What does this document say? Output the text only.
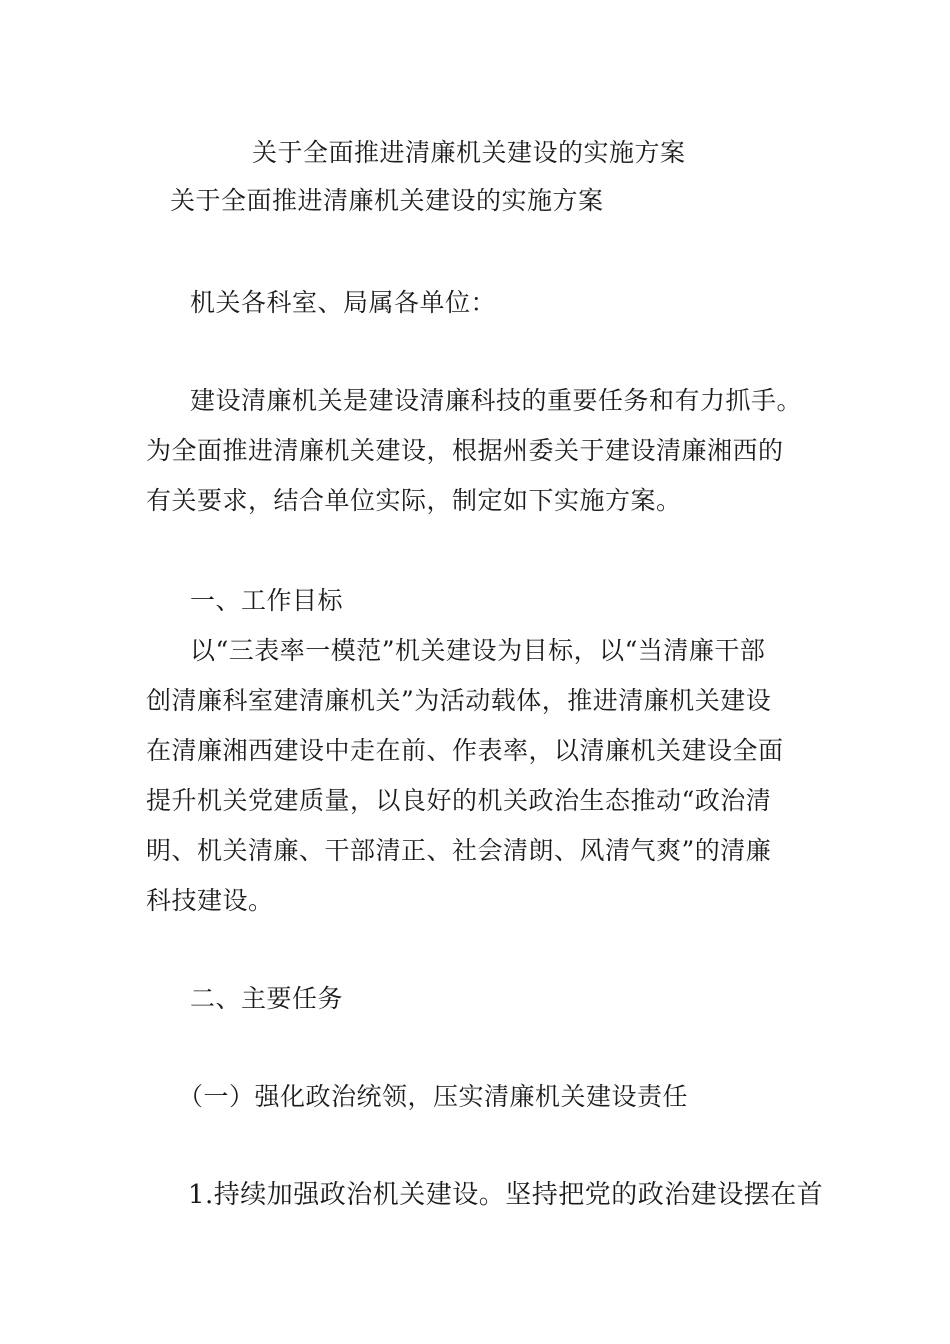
关于全面推进清廉机关建设的实施方案
关于全面推进清廉机关建设的实施方案
机关各科室、局属各单位：
建设清廉机关是建设清廉科技的重要任务和有力抓手。
为全面推进清廉机关建设，根据州委关于建设清廉湘西的
有关要求，结合单位实际，制定如下实施方案。
一、工作目标
以“三表率一模范”机关建设为目标，以“当清廉干部
创清廉科室建清廉机关”为活动载体，推进清廉机关建设
在清廉湘西建设中走在前、作表率，以清廉机关建设全面
提升机关党建质量，以良好的机关政治生态推动“政治清
明、机关清廉、干部清正、社会清朗、风清气爽”的清廉
科技建设。
二、主要任务
（一）强化政治统领，压实清廉机关建设责任
1.持续加强政治机关建设。坚持把党的政治建设摆在首
